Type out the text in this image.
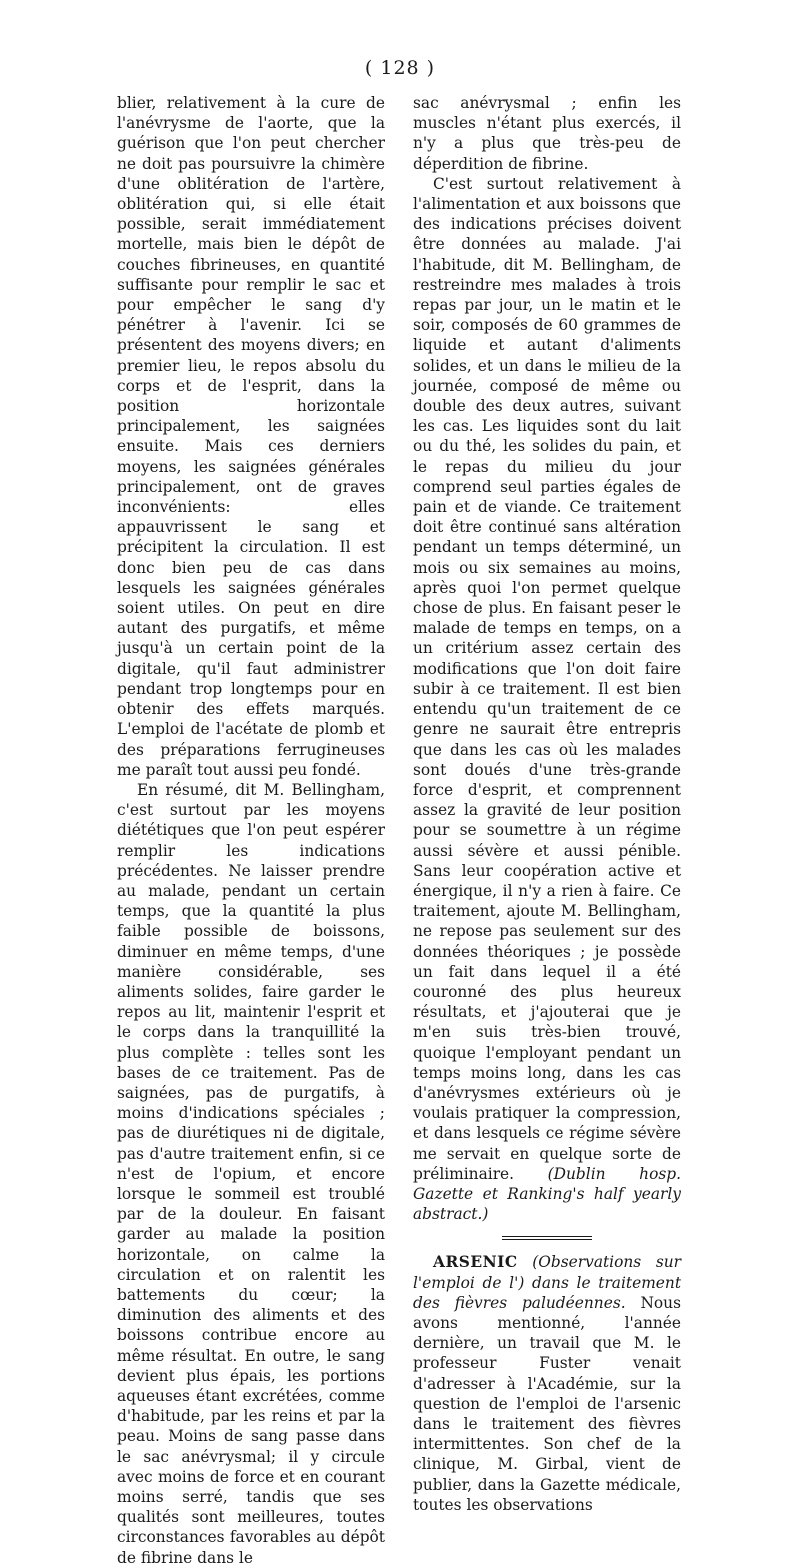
( 128 )

blier, relativement à la cure de l'anévrysme de l'aorte, que la guérison que l'on peut chercher ne doit pas poursuivre la chimère d'une oblitération de l'artère, oblitération qui, si elle était possible, serait immédiatement mortelle, mais bien le dépôt de couches fibrineuses, en quantité suffisante pour remplir le sac et pour empêcher le sang d'y pénétrer à l'avenir. Ici se présentent des moyens divers; en premier lieu, le repos absolu du corps et de l'esprit, dans la position horizontale principalement, les saignées ensuite. Mais ces derniers moyens, les saignées générales principalement, ont de graves inconvénients: elles appauvrissent le sang et précipitent la circulation. Il est donc bien peu de cas dans lesquels les saignées générales soient utiles. On peut en dire autant des purgatifs, et même jusqu'à un certain point de la digitale, qu'il faut administrer pendant trop longtemps pour en obtenir des effets marqués. L'emploi de l'acétate de plomb et des préparations ferrugineuses me paraît tout aussi peu fondé.

En résumé, dit M. Bellingham, c'est surtout par les moyens diététiques que l'on peut espérer remplir les indications précédentes. Ne laisser prendre au malade, pendant un certain temps, que la quantité la plus faible possible de boissons, diminuer en même temps, d'une manière considérable, ses aliments solides, faire garder le repos au lit, maintenir l'esprit et le corps dans la tranquillité la plus complète : telles sont les bases de ce traitement. Pas de saignées, pas de purgatifs, à moins d'indications spéciales ; pas de diurétiques ni de digitale, pas d'autre traitement enfin, si ce n'est de l'opium, et encore lorsque le sommeil est troublé par de la douleur. En faisant garder au malade la position horizontale, on calme la circulation et on ralentit les battements du cœur; la diminution des aliments et des boissons contribue encore au même résultat. En outre, le sang devient plus épais, les portions aqueuses étant excrétées, comme d'habitude, par les reins et par la peau. Moins de sang passe dans le sac anévrysmal; il y circule avec moins de force et en courant moins serré, tandis que ses qualités sont meilleures, toutes circonstances favorables au dépôt de fibrine dans le

sac anévrysmal ; enfin les muscles n'étant plus exercés, il n'y a plus que très-peu de déperdition de fibrine.

C'est surtout relativement à l'alimentation et aux boissons que des indications précises doivent être données au malade. J'ai l'habitude, dit M. Bellingham, de restreindre mes malades à trois repas par jour, un le matin et le soir, composés de 60 grammes de liquide et autant d'aliments solides, et un dans le milieu de la journée, composé de même ou double des deux autres, suivant les cas. Les liquides sont du lait ou du thé, les solides du pain, et le repas du milieu du jour comprend seul parties égales de pain et de viande. Ce traitement doit être continué sans altération pendant un temps déterminé, un mois ou six semaines au moins, après quoi l'on permet quelque chose de plus. En faisant peser le malade de temps en temps, on a un critérium assez certain des modifications que l'on doit faire subir à ce traitement. Il est bien entendu qu'un traitement de ce genre ne saurait être entrepris que dans les cas où les malades sont doués d'une très-grande force d'esprit, et comprennent assez la gravité de leur position pour se soumettre à un régime aussi sévère et aussi pénible. Sans leur coopération active et énergique, il n'y a rien à faire. Ce traitement, ajoute M. Bellingham, ne repose pas seulement sur des données théoriques ; je possède un fait dans lequel il a été couronné des plus heureux résultats, et j'ajouterai que je m'en suis très-bien trouvé, quoique l'employant pendant un temps moins long, dans les cas d'anévrysmes extérieurs où je voulais pratiquer la compression, et dans lesquels ce régime sévère me servait en quelque sorte de préliminaire. (Dublin hosp. Gazette et Ranking's half yearly abstract.)

ARSENIC (Observations sur l'emploi de l') dans le traitement des fièvres paludéennes. Nous avons mentionné, l'année dernière, un travail que M. le professeur Fuster venait d'adresser à l'Académie, sur la question de l'emploi de l'arsenic dans le traitement des fièvres intermittentes. Son chef de la clinique, M. Girbal, vient de publier, dans la Gazette médicale, toutes les observations
